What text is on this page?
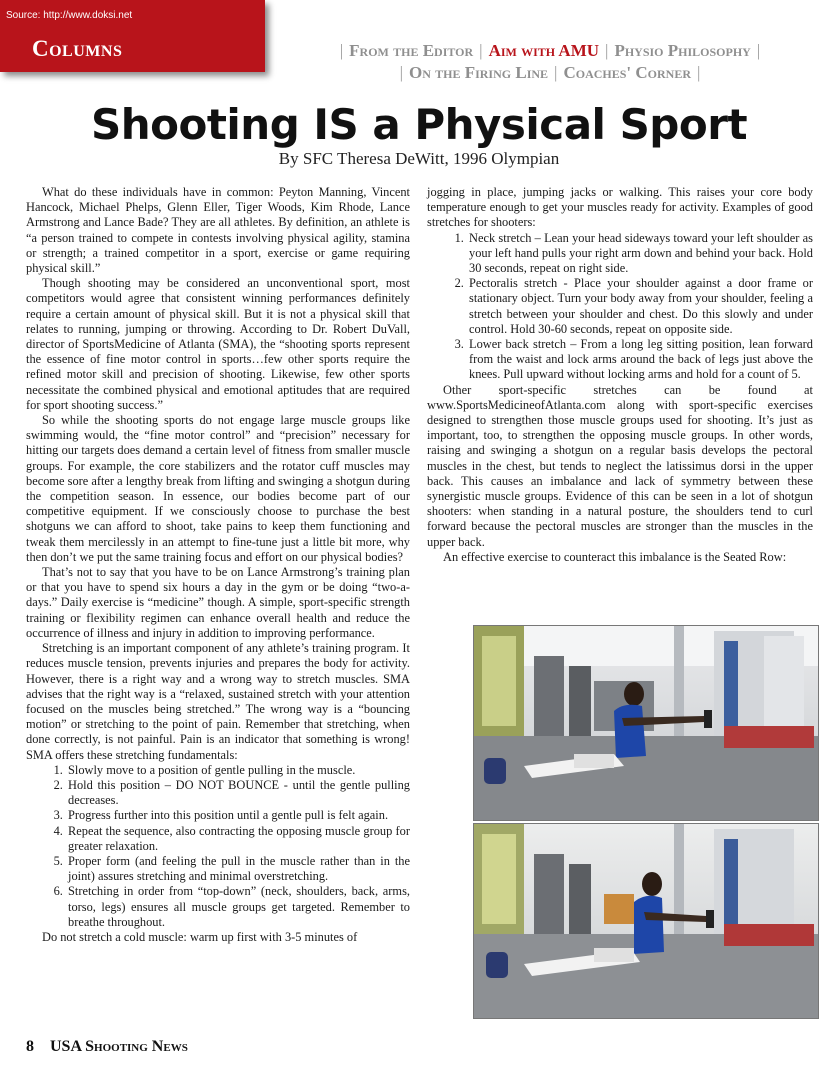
Source: http://www.doksi.net
Columns	| From the Editor | Aim with AMU | Physio Philosophy |
| On the Firing Line | Coaches' Corner |
Shooting IS a Physical Sport
By SFC Theresa DeWitt, 1996 Olympian

What do these individuals have in common: Peyton Manning, Vincent Hancock, Michael Phelps, Glenn Eller, Tiger Woods, Kim Rhode, Lance Armstrong and Lance Bade? They are all athletes. By definition, an athlete is “a person trained to compete in contests involving physical agility, stamina or strength; a trained competitor in a sport, exercise or game requiring physical skill.”

Though shooting may be considered an unconventional sport, most competitors would agree that consistent winning performances definitely require a certain amount of physical skill. But it is not a physical skill that relates to running, jumping or throwing. According to Dr. Robert DuVall, director of SportsMedicine of Atlanta (SMA), the “shooting sports represent the essence of fine motor control in sports…few other sports require the refined motor skill and precision of shooting. Likewise, few other sports necessitate the combined physical and emotional aptitudes that are required for sport shooting success.”

So while the shooting sports do not engage large muscle groups like swimming would, the “fine motor control” and “precision” necessary for hitting our targets does demand a certain level of fitness from smaller muscle groups. For example, the core stabilizers and the rotator cuff muscles may become sore after a lengthy break from lifting and swinging a shotgun during the competition season. In essence, our bodies become part of our competitive equipment. If we consciously choose to purchase the best shotguns we can afford to shoot, take pains to keep them functioning and tweak them mercilessly in an attempt to fine-tune just a little bit more, why then don’t we put the same training focus and effort on our physical bodies?

That’s not to say that you have to be on Lance Armstrong’s training plan or that you have to spend six hours a day in the gym or be doing “two-a-days.” Daily exercise is “medicine” though. A simple, sport-specific strength training or flexibility regimen can enhance overall health and reduce the occurrence of illness and injury in addition to improving performance.

Stretching is an important component of any athlete’s training program. It reduces muscle tension, prevents injuries and prepares the body for activity. However, there is a right way and a wrong way to stretch muscles. SMA advises that the right way is a “relaxed, sustained stretch with your attention focused on the muscles being stretched.” The wrong way is a “bouncing motion” or stretching to the point of pain. Remember that stretching, when done correctly, is not painful. Pain is an indicator that something is wrong! SMA offers these stretching fundamentals:

1. Slowly move to a position of gentle pulling in the muscle.
2. Hold this position – DO NOT BOUNCE - until the gentle pulling decreases.
3. Progress further into this position until a gentle pull is felt again.
4. Repeat the sequence, also contracting the opposing muscle group for greater relaxation.
5. Proper form (and feeling the pull in the muscle rather than in the joint) assures stretching and minimal overstretching.
6. Stretching in order from “top-down” (neck, shoulders, back, arms, torso, legs) ensures all muscle groups get targeted. Remember to breathe throughout.

Do not stretch a cold muscle: warm up first with 3-5 minutes of

jogging in place, jumping jacks or walking. This raises your core body temperature enough to get your muscles ready for activity. Examples of good stretches for shooters:

1. Neck stretch – Lean your head sideways toward your left shoulder as your left hand pulls your right arm down and behind your back. Hold 30 seconds, repeat on right side.
2. Pectoralis stretch - Place your shoulder against a door frame or stationary object. Turn your body away from your shoulder, feeling a stretch between your shoulder and chest. Do this slowly and under control. Hold 30-60 seconds, repeat on opposite side.
3. Lower back stretch – From a long leg sitting position, lean forward from the waist and lock arms around the back of legs just above the knees. Pull upward without locking arms and hold for a count of 5.

Other sport-specific stretches can be found at www.SportsMedicineofAtlanta.com along with sport-specific exercises designed to strengthen those muscle groups used for shooting. It’s just as important, too, to strengthen the opposing muscle groups. In other words, raising and swinging a shotgun on a regular basis develops the pectoral muscles in the chest, but tends to neglect the latissimus dorsi in the upper back. This causes an imbalance and lack of symmetry between these synergistic muscle groups. Evidence of this can be seen in a lot of shotgun shooters: when standing in a natural posture, the shoulders tend to curl forward because the pectoral muscles are stronger than the muscles in the upper back.

An effective exercise to counteract this imbalance is the Seated Row:

8 USA Shooting News
